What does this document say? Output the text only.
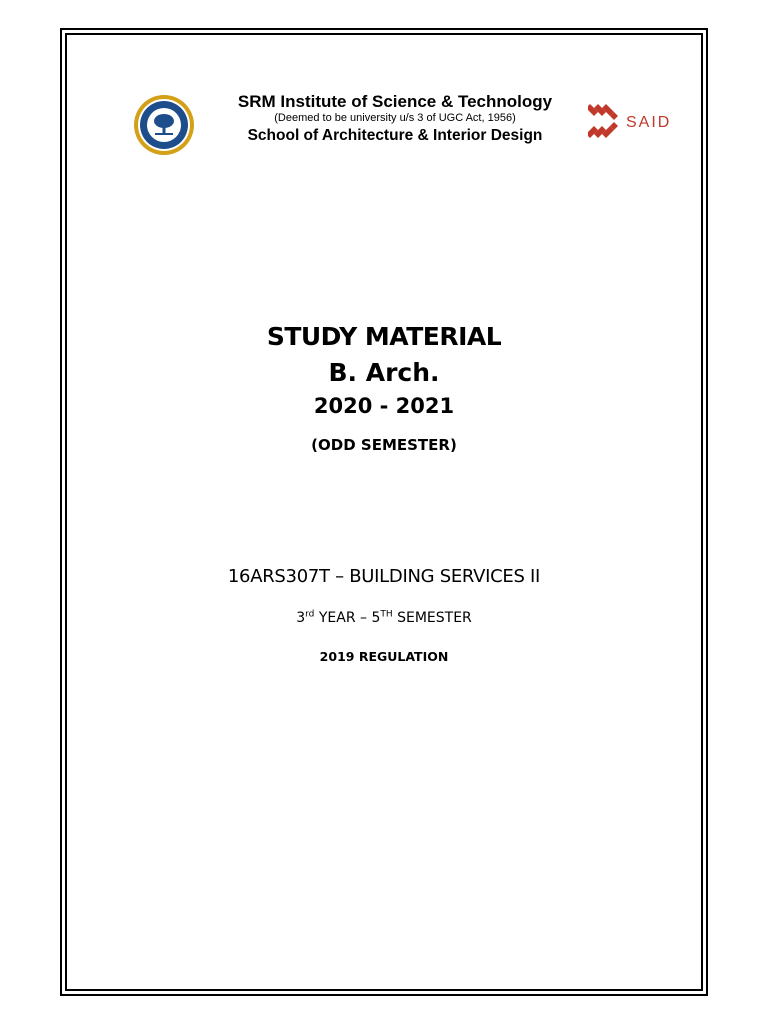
SAID
SRM Institute of Science & Technology
(Deemed to be university u/s 3 of UGC Act, 1956)
School of Architecture & Interior Design
STUDY MATERIAL
B. Arch.
2020 - 2021
(ODD SEMESTER)
16ARS307T – BUILDING SERVICES II
3rd YEAR – 5TH SEMESTER
2019 REGULATION
